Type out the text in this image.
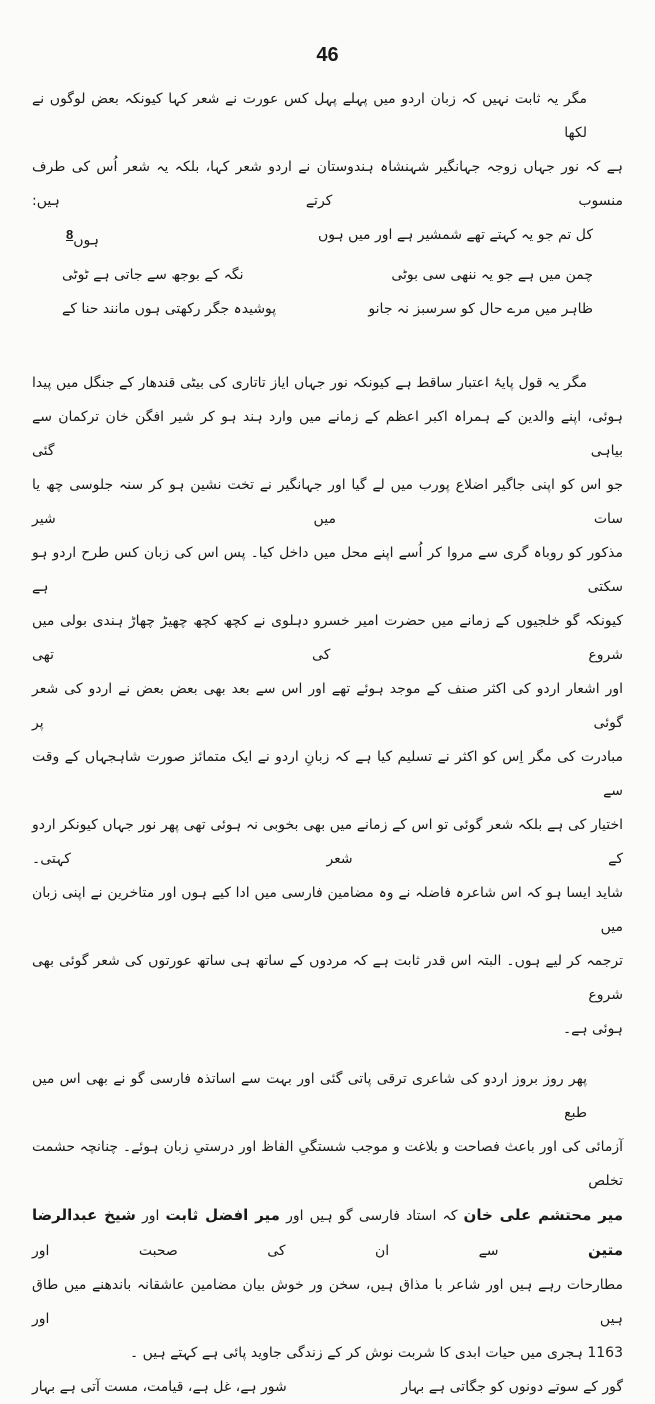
46
مگر یہ ثابت نہیں کہ زبان اردو میں پہلے پہل کس عورت نے شعر کہا کیونکہ بعض لوگوں نے لکھا
ہے کہ نور جہاں زوجہ جہانگیر شہنشاہ ہندوستان نے اردو شعر کہا، بلکہ یہ شعر اُس کی طرف منسوب کرتے ہیں:
کل تم جو یہ کہتے تھے شمشیر ہے اور میں ہوں
ہوں8
چمن میں ہے جو یہ ننھی سی بوٹی
نگہ کے بوجھ سے جاتی ہے ٹوٹی
ظاہر میں مرے حال کو سرسبز نہ جانو
پوشیدہ جگر رکھتی ہوں مانند حنا کے
مگر یہ قول پایۂ اعتبار ساقط ہے کیونکہ نور جہاں ایاز تاتاری کی بیٹی قندھار کے جنگل میں پیدا
ہوئی، اپنے والدین کے ہمراہ اکبر اعظم کے زمانے میں وارد ہند ہو کر شیر افگن خان ترکمان سے بیاہی گئی
جو اس کو اپنی جاگیر اضلاع پورب میں لے گیا اور جہانگیر نے تخت نشین ہو کر سنہ جلوسی چھ یا سات میں شیر
مذکور کو روباہ گری سے مروا کر اُسے اپنے محل میں داخل کیا۔ پس اس کی زبان کس طرح اردو ہو سکتی ہے
کیونکہ گو خلجیوں کے زمانے میں حضرت امیر خسرو دہلوی نے کچھ کچھ چھیڑ چھاڑ ہندی بولی میں شروع کی تھی
اور اشعار اردو کی اکثر صنف کے موجد ہوئے تھے اور اس سے بعد بھی بعض بعض نے اردو کی شعر گوئی پر
مبادرت کی مگر اِس کو اکثر نے تسلیم کیا ہے کہ زبانِ اردو نے ایک متمائز صورت شاہجہاں کے وقت سے
اختیار کی ہے بلکہ شعر گوئی تو اس کے زمانے میں بھی بخوبی نہ ہوئی تھی پھر نور جہاں کیونکر اردو کے شعر کہتی۔
شاید ایسا ہو کہ اس شاعرہ فاضلہ نے وہ مضامین فارسی میں ادا کیے ہوں اور متاخرین نے اپنی زبان میں
ترجمہ کر لیے ہوں۔ البتہ اس قدر ثابت ہے کہ مردوں کے ساتھ ہی ساتھ عورتوں کی شعر گوئی بھی شروع
ہوئی ہے۔
پھر روز بروز اردو کی شاعری ترقی پاتی گئی اور بہت سے اساتذہ فارسی گو نے بھی اس میں طبع
آزمائی کی اور باعث فصاحت و بلاغت و موجب شستگیِ الفاظ اور درستیِ زبان ہوئے۔ چنانچہ حشمت تخلص
میر محتشم علی خان کہ استاد فارسی گو ہیں اور میر افضل ثابت اور شیخ عبدالرضا متین سے ان کی صحبت اور
مطارحات رہے ہیں اور شاعر با مذاق ہیں، سخن ور خوش بیان مضامین عاشقانہ باندھنے میں طاق ہیں اور
1163 ہجری میں حیات ابدی کا شربت نوش کر کے زندگی جاوید پائی ہے کہتے ہیں ۔
گور کے سوتے دونوں کو جگاتی ہے بہار
شور ہے، غل ہے، قیامت، مست آتی ہے بہار
